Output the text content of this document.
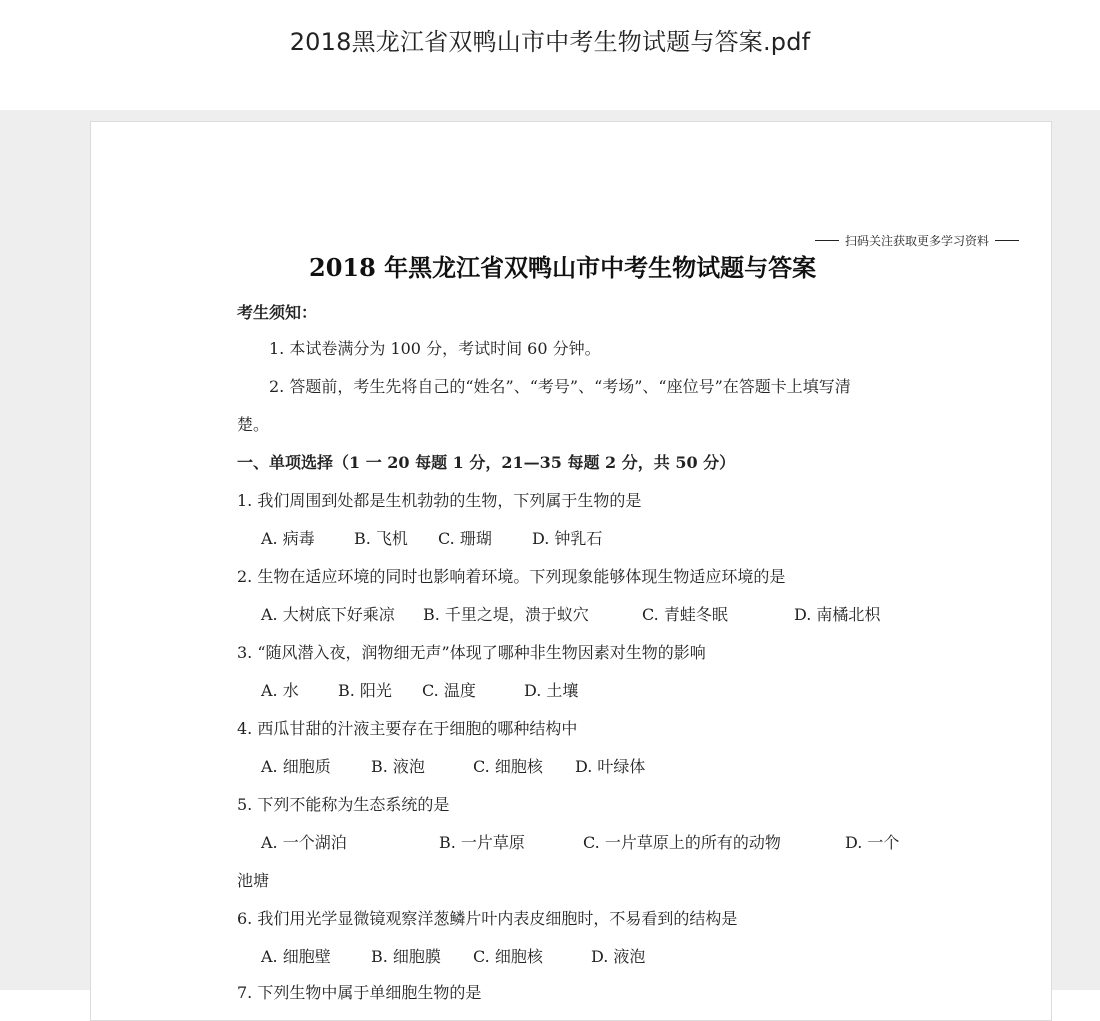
2018黑龙江省双鸭山市中考生物试题与答案.pdf
扫码关注获取更多学习资料
2018 年黑龙江省双鸭山市中考生物试题与答案
考生须知：
1. 本试卷满分为 100 分，考试时间 60 分钟。
2. 答题前，考生先将自己的“姓名”、“考号”、“考场”、“座位号”在答题卡上填写清
楚。
一、单项选择（1 一 20 每题 1 分，21—35 每题 2 分，共 50 分）
1. 我们周围到处都是生机勃勃的生物，下列属于生物的是
A. 病毒 B. 飞机 C. 珊瑚	D. 钟乳石
2. 生物在适应环境的同时也影响着环境。下列现象能够体现生物适应环境的是
A. 大树底下好乘凉 B. 千里之堤，溃于蚁穴	C. 青蛙冬眠	D. 南橘北枳
3. “随风潜入夜，润物细无声”体现了哪种非生物因素对生物的影响
A. 水 B. 阳光 C. 温度	D. 土壤
4. 西瓜甘甜的汁液主要存在于细胞的哪种结构中
A. 细胞质	B. 液泡	C. 细胞核 D. 叶绿体
5. 下列不能称为生态系统的是
A. 一个湖泊	B. 一片草原	C. 一片草原上的所有的动物	D. 一个
池塘
6. 我们用光学显微镜观察洋葱鳞片叶内表皮细胞时，不易看到的结构是
A. 细胞壁	B. 细胞膜 C. 细胞核	D. 液泡
7. 下列生物中属于单细胞生物的是
